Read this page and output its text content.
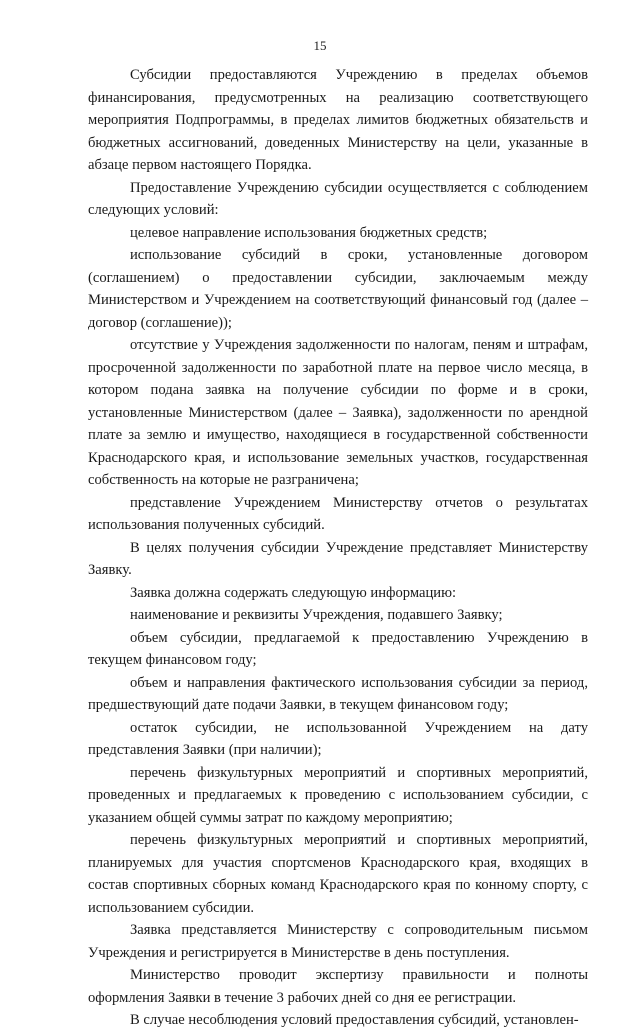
15

Субсидии предоставляются Учреждению в пределах объемов финансирования, предусмотренных на реализацию соответствующего мероприятия Подпрограммы, в пределах лимитов бюджетных обязательств и бюджетных ассигнований, доведенных Министерству на цели, указанные в абзаце первом настоящего Порядка.

Предоставление Учреждению субсидии осуществляется с соблюдением следующих условий:

целевое направление использования бюджетных средств;

использование субсидий в сроки, установленные договором (соглашением) о предоставлении субсидии, заключаемым между Министерством и Учреждением на соответствующий финансовый год (далее – договор (соглашение));

отсутствие у Учреждения задолженности по налогам, пеням и штрафам, просроченной задолженности по заработной плате на первое число месяца, в котором подана заявка на получение субсидии по форме и в сроки, установленные Министерством (далее – Заявка), задолженности по арендной плате за землю и имущество, находящиеся в государственной собственности Краснодарского края, и использование земельных участков, государственная собственность на которые не разграничена;

представление Учреждением Министерству отчетов о результатах использования полученных субсидий.

В целях получения субсидии Учреждение представляет Министерству Заявку.

Заявка должна содержать следующую информацию:

наименование и реквизиты Учреждения, подавшего Заявку;

объем субсидии, предлагаемой к предоставлению Учреждению в текущем финансовом году;

объем и направления фактического использования субсидии за период, предшествующий дате подачи Заявки, в текущем финансовом году;

остаток субсидии, не использованной Учреждением на дату представления Заявки (при наличии);

перечень физкультурных мероприятий и спортивных мероприятий, проведенных и предлагаемых к проведению с использованием субсидии, с указанием общей суммы затрат по каждому мероприятию;

перечень физкультурных мероприятий и спортивных мероприятий, планируемых для участия спортсменов Краснодарского края, входящих в состав спортивных сборных команд Краснодарского края по конному спорту, с использованием субсидии.

Заявка представляется Министерству с сопроводительным письмом Учреждения и регистрируется в Министерстве в день поступления.

Министерство проводит экспертизу правильности и полноты оформления Заявки в течение 3 рабочих дней со дня ее регистрации.

В случае несоблюдения условий предоставления субсидий, установлен-
